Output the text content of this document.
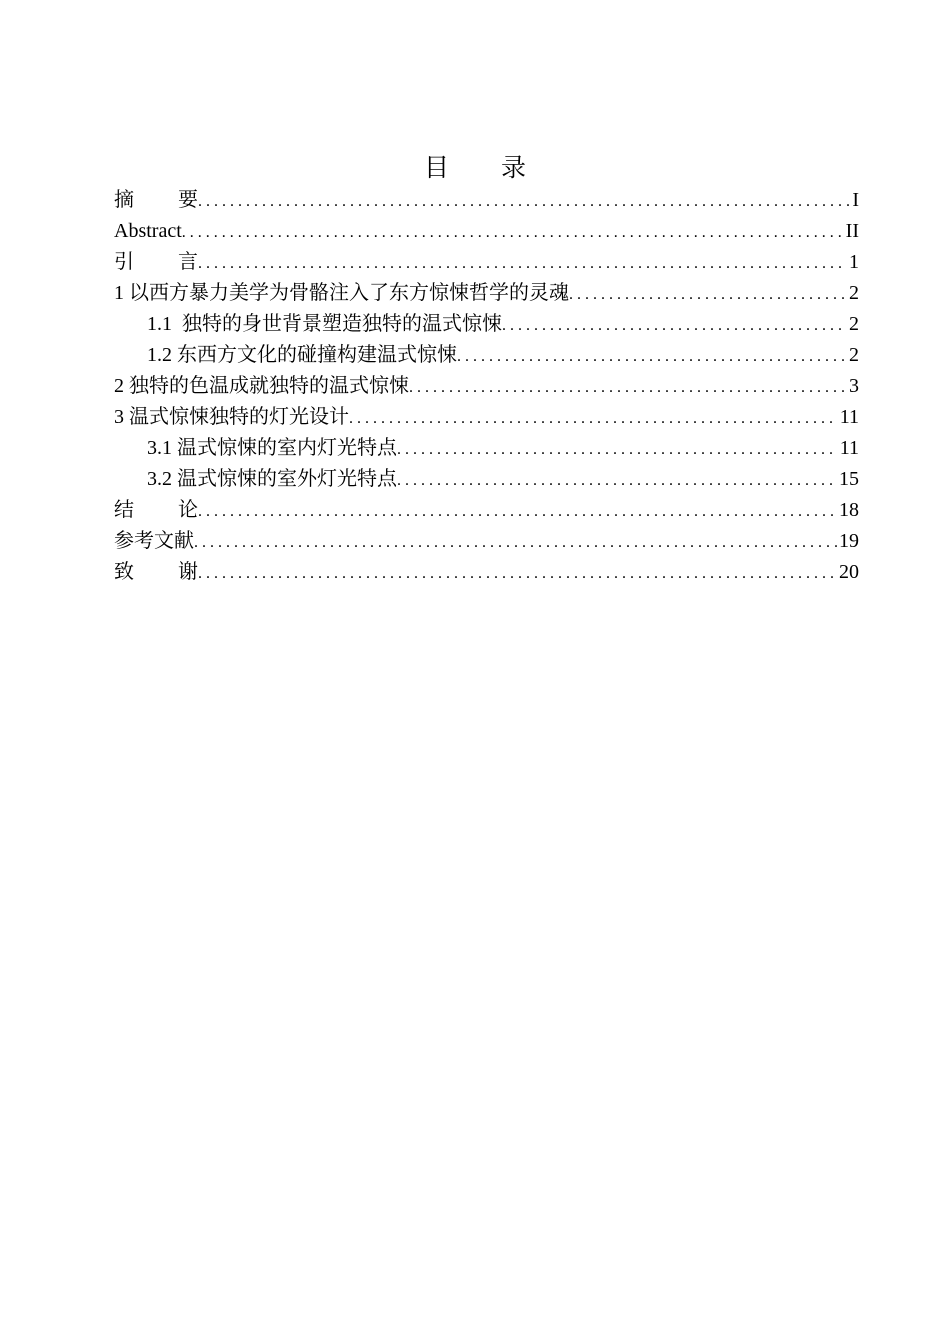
目 录
摘 要 . . .	I
Abstract . . .	II
引 言 . . .	1
1 以西方暴力美学为骨骼注入了东方惊悚哲学的灵魂 . . .	2
1.1  独特的身世背景塑造独特的温式惊悚 . . .	2
1.2 东西方文化的碰撞构建温式惊悚 . . .	2
2 独特的色温成就独特的温式惊悚 . . .	3
3 温式惊悚独特的灯光设计 . . .	11
3.1 温式惊悚的室内灯光特点 . . .	11
3.2 温式惊悚的室外灯光特点 . . .	15
结 论 . . .	18
参考文献 . . .	19
致 谢 . . .	20
